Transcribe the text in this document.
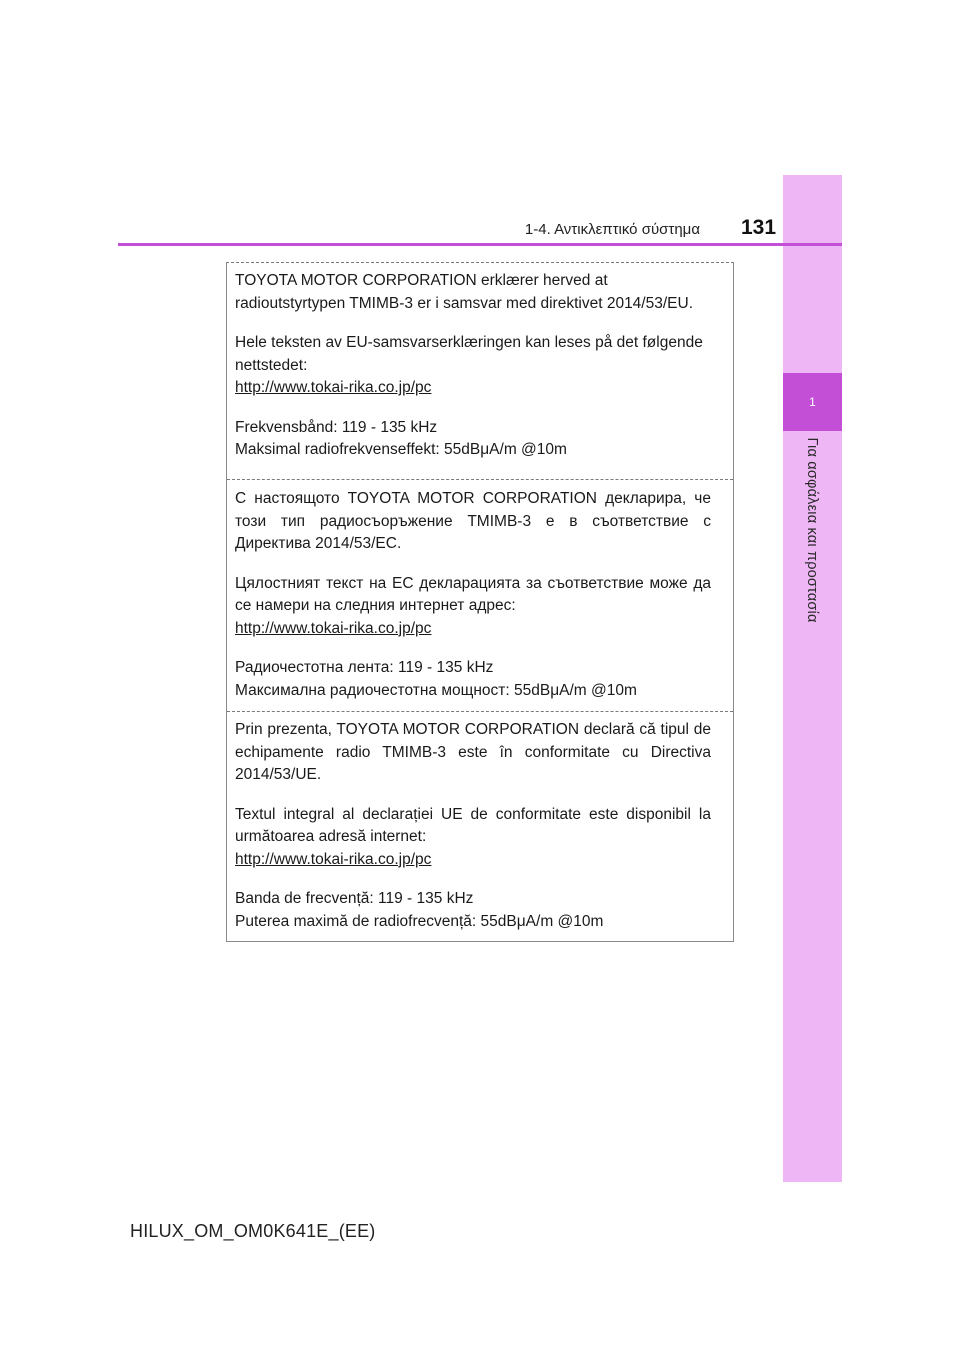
1
Για ασφάλεια και προστασία
1-4. Αντικλεπτικό σύστημα 131

TOYOTA MOTOR CORPORATION erklærer herved at
radioutstyrtypen TMIMB-3 er i samsvar med direktivet 2014/53/EU.

Hele teksten av EU-samsvarserklæringen kan leses på det følgende
nettstedet:
http://www.tokai-rika.co.jp/pc

Frekvensbånd: 119 - 135 kHz
Maksimal radiofrekvenseffekt: 55dBμA/m @10m

С настоящото TOYOTA MOTOR CORPORATION декларира, че този тип радиосъоръжение TMIMB-3 е в съответствие с Директива 2014/53/ЕС.

Цялостният текст на ЕС декларацията за съответствие може да се намери на следния интернет адрес:
http://www.tokai-rika.co.jp/pc

Радиочестотна лента: 119 - 135 kHz
Максимална радиочестотна мощност: 55dBμA/m @10m

Prin prezenta, TOYOTA MOTOR CORPORATION declară că tipul de echipamente radio TMIMB-3 este în conformitate cu Directiva 2014/53/UE.

Textul integral al declarației UE de conformitate este disponibil la următoarea adresă internet:
http://www.tokai-rika.co.jp/pc

Banda de frecvență: 119 - 135 kHz
Puterea maximă de radiofrecvență: 55dBμA/m @10m

HILUX_OM_OM0K641E_(EE)
